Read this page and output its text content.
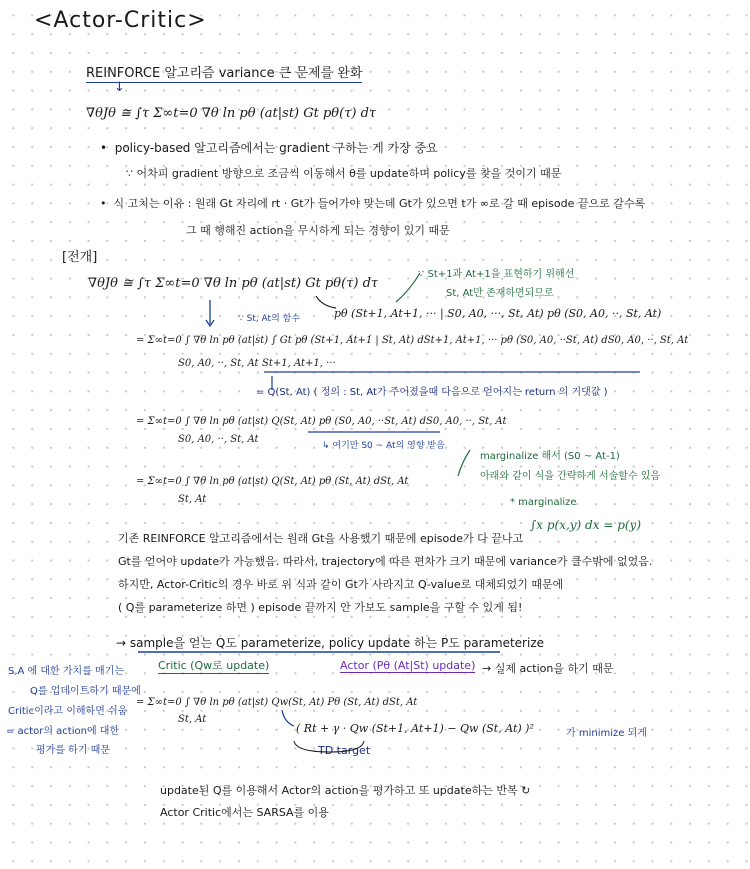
<Actor-Critic>
REINFORCE 알고리즘 variance 큰 문제를 완화
↓
∇θJθ ≅ ∫τ Σ∞t=0 ∇θ ln pθ (at|st) Gt pθ(τ) dτ
•  policy-based 알고리즘에서는 gradient 구하는 게 가장 중요
∵ 어차피 gradient 방향으로 조금씩 이동해서 θ를 update하며 policy를 찾을 것이기 때문
•  식 고치는 이유 : 원래 Gt 자리에 rt · Gt가 들어가야 맞는데 Gt가 있으면 t가 ∞로 갈 때 episode 끝으로 갈수록
그 때 행해진 action을 무시하게 되는 경향이 있기 때문
[전개]
∇θJθ ≅ ∫τ Σ∞t=0 ∇θ ln pθ (at|st) Gt pθ(τ) dτ
∵ St+1과 At+1을 표현하기 위해선
St, At만 존재하면되므로
pθ (St+1, At+1, ··· | S0, A0, ···, St, At) pθ (S0, A0, ··, St, At)
∵ St, At의 함수
= Σ∞t=0 ∫ ∇θ ln pθ (at|st) ∫ Gt pθ (St+1, At+1 | St, At) dSt+1, At+1, ··· pθ (S0, A0, ··St, At) dS0, A0, ··, St, At
S0, A0, ··, St, At St+1, At+1, ···
= Q(St, At) ( 정의 : St, At가 주어졌을때 다음으로 얻어지는 return 의 기댓값 )
= Σ∞t=0 ∫ ∇θ ln pθ (at|st) Q(St, At) pθ (S0, A0, ··St, At) dS0, A0, ··, St, At
S0, A0, ··, St, At
↳ 여기만 S0 ~ At의 영향 받음
marginalize 해서 (S0 ~ At-1)
아래와 같이 식을 간략하게 서술할수 있음
= Σ∞t=0 ∫ ∇θ ln pθ (at|st) Q(St, At) pθ (St, At) dSt, At
St, At	* marginalize
∫x p(x,y) dx = p(y)
기존 REINFORCE 알고리즘에서는 원래 Gt을 사용했기 때문에 episode가 다 끝나고
Gt를 얻어야 update가 가능했음. 따라서, trajectory에 따른 편차가 크기 때문에 variance가 클수밖에 없었음.
하지만, Actor-Critic의 경우 바로 위 식과 같이 Gt가 사라지고 Q-value로 대체되었기 때문에
( Q를 parameterize 하면 ) episode 끝까지 안 가보도 sample을 구할 수 있게 됨!
→ sample을 얻는 Q도 parameterize, policy update 하는 P도 parameterize
Critic (Qw로 update)	Actor (Pθ (At|St) update) → 실제 action을 하기 때문
S,A 에 대한 가치를 매기는
Q를 업데이트하기 때문에
Critic이라고 이해하면 쉬움
= actor의 action에 대한
평가를 하기 때문
= Σ∞t=0 ∫ ∇θ ln pθ (at|st) Qw(St, At) Pθ (St, At) dSt, At
St, At
( Rt + γ · Qw (St+1, At+1) − Qw (St, At) )²	가 minimize 되게
TD target
update된 Q를 이용해서 Actor의 action을 평가하고 또 update하는 반복 ↻
Actor Critic에서는 SARSA를 이용
